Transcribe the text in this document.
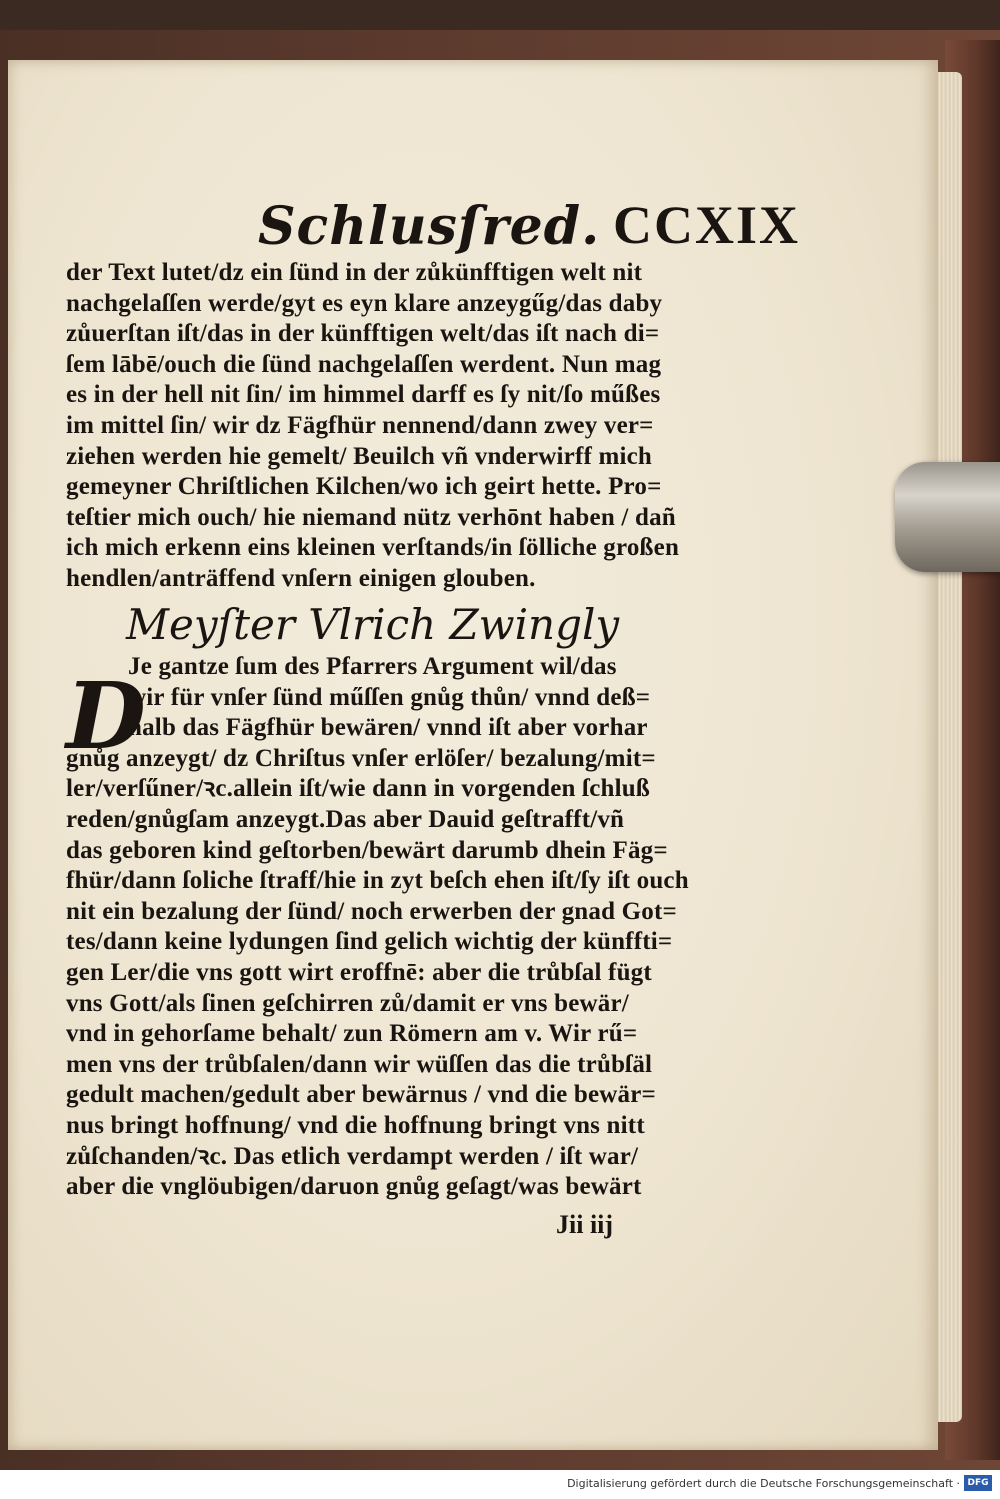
Schlusſred. CCXIX
der Text lutet/dz ein ſünd in der zůkünfftigen welt nit
nachgelaſſen werde/gyt es eyn klare anzeygűg/das daby
zůuerſtan iſt/das in der künfftigen welt/das iſt nach di=
ſem lābē/ouch die ſünd nachgelaſſen werdent. Nun mag
es in der hell nit ſin/ im himmel darff es ſy nit/ſo műßes
im mittel ſin/ wir dz Fägfhür nennend/dann zwey ver=
ziehen werden hie gemelt/ Beuilch vñ vnderwirff mich
gemeyner Chriſtlichen Kilchen/wo ich geirt hette. Pro=
teſtier mich ouch/ hie niemand nütz verhōnt haben / dañ
ich mich erkenn eins kleinen verſtands/in ſölliche großen
hendlen/anträffend vnſern einigen glouben.
Meyſter Vlrich Zwingly
D
Je gantze ſum des Pfarrers Argument wil/das
wir für vnſer ſünd műſſen gnůg thůn/ vnnd deß=
halb das Fägfhür bewären/ vnnd iſt aber vorhar
gnůg anzeygt/ dz Chriſtus vnſer erlöſer/ bezalung/mit=
ler/verſűner/ꝛc.allein iſt/wie dann in vorgenden ſchluß
reden/gnůgſam anzeygt.Das aber Dauid geſtrafft/vñ
das geboren kind geſtorben/bewärt darumb dhein Fäg=
fhür/dann ſoliche ſtraff/hie in zyt beſch ehen iſt/ſy iſt ouch
nit ein bezalung der ſünd/ noch erwerben der gnad Got=
tes/dann keine lydungen ſind gelich wichtig der künffti=
gen Ler/die vns gott wirt eroffnē: aber die trůbſal fügt
vns Gott/als ſinen geſchirren zů/damit er vns bewär/
vnd in gehorſame behalt/ zun Römern am v. Wir rű=
men vns der trůbſalen/dann wir wüſſen das die trůbſäl
gedult machen/gedult aber bewärnus / vnd die bewär=
nus bringt hoffnung/ vnd die hoffnung bringt vns nitt
zůſchanden/ꝛc. Das etlich verdampt werden / iſt war/
aber die vnglöubigen/daruon gnůg geſagt/was bewärt
Jii iij
Digitalisierung gefördert durch die Deutsche Forschungsgemeinschaft · DFG
